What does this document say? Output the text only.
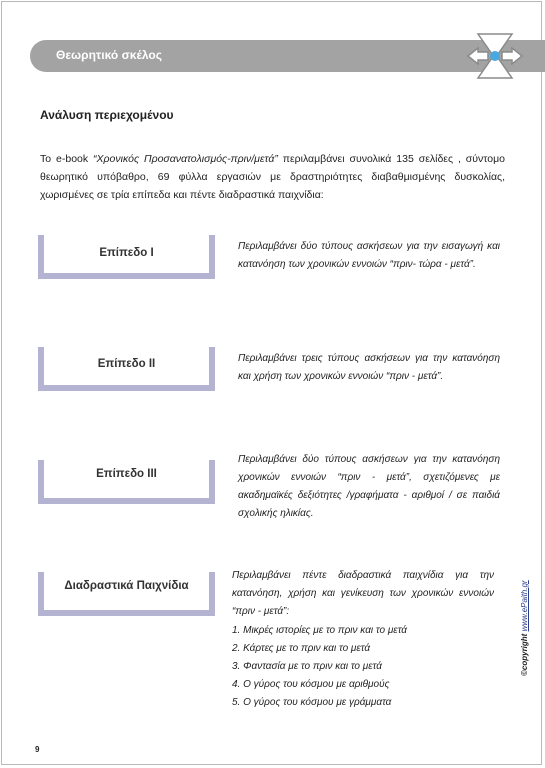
Θεωρητικό σκέλος
Ανάλυση περιεχομένου
Το e-book “Χρονικός Προσανατολισμός-πριν/μετά” περιλαμβάνει συνολικά 135 σελίδες , σύντομο θεωρητικό υπόβαθρο, 69 φύλλα εργασιών με δραστηριότητες διαβαθμισμένης δυσκολίας, χωρισμένες σε τρία επίπεδα και πέντε διαδραστικά παιχνίδια:
Επίπεδο Ι
Περιλαμβάνει δύο τύπους ασκήσεων για την εισαγωγή και κατανόηση των χρονικών εννοιών “πριν- τώρα - μετά”.
Επίπεδο ΙΙ	Περιλαμβάνει τρεις τύπους ασκήσεων για την κατανόηση και χρήση των χρονικών εννοιών “πριν - μετά”.
Επίπεδο ΙΙΙ
Περιλαμβάνει δύο τύπους ασκήσεων για την κατανόηση χρονικών εννοιών “πριν - μετά”, σχετιζόμενες με ακαδημαϊκές δεξιότητες /γραφήματα - αριθμοί / σε παιδιά σχολικής ηλικίας.
Διαδραστικά Παιχνίδια
Περιλαμβάνει πέντε διαδραστικά παιχνίδια για την κατανόηση, χρήση και γενίκευση των χρονικών εννοιών “πριν - μετά”:
1. Μικρές ιστορίες με το πριν και το μετά
2. Κάρτες με το πριν και το μετά
3. Φαντασία με το πριν και το μετά
4. Ο γύρος του κόσμου με αριθμούς
5. Ο γύρος του κόσμου με γράμματα
©copyright www.ePaith.gr
9
